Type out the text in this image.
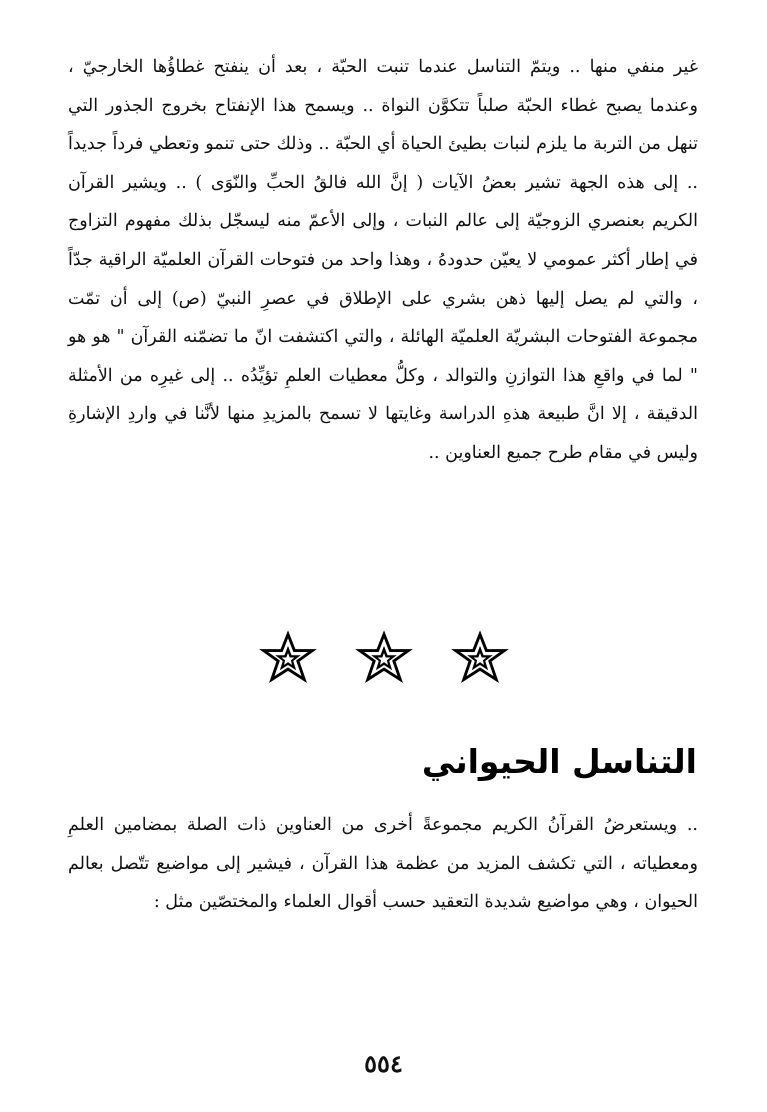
غير منفي منها .. ويتمّ التناسل عندما تنبت الحبّة ، بعد أن ينفتح غطاؤُها الخارجيّ ، وعندما يصبح غطاء الحبّة صلباً تتكوَّن النواة .. ويسمح هذا الإنفتاح بخروج الجذور التي تنهل من التربة ما يلزم لنبات بطيئ الحياة أي الحبّة .. وذلك حتى تنمو وتعطي فرداً جديداً .. إلى هذه الجهة تشير بعضُ الآيات ( إنَّ الله فالقُ الحبِّ والنّوَى ) .. ويشير القرآن الكريم بعنصري الزوجيّة إلى عالم النبات ، وإلى الأعمّ منه ليسجّل بذلك مفهوم التزاوج في إطار أكثر عمومي لا يعيّن حدودهُ ، وهذا واحد من فتوحات القرآن العلميّة الراقية جدّاً ، والتي لم يصل إليها ذهن بشري على الإطلاق في عصرِ النبيّ (ص) إلى أن تمّت مجموعة الفتوحات البشريّة العلميّة الهائلة ، والتي اكتشفت انّ ما تضمّنه القرآن " هو هو " لما في واقعِ هذا التوازنِ والتوالد ، وكلُّ معطيات العلمِ تؤيِّدُه .. إلى غيرِه من الأمثلة الدقيقة ، إلا انَّ طبيعة هذهِ الدراسة وغايتها لا تسمح بالمزيدِ منها لأنَّنا في واردِ الإشارةِ وليس في مقام طرح جميع العناوين ..

التناسل الحيواني

.. ويستعرضُ القرآنُ الكريم مجموعةً أخرى من العناوين ذات الصلة بمضامين العلمِ ومعطياته ، التي تكشف المزيد من عظمة هذا القرآن ، فيشير إلى مواضيع تتّصل بعالم الحيوان ، وهي مواضيع شديدة التعقيد حسب أقوال العلماء والمختصّين مثل :

٥٥٤
